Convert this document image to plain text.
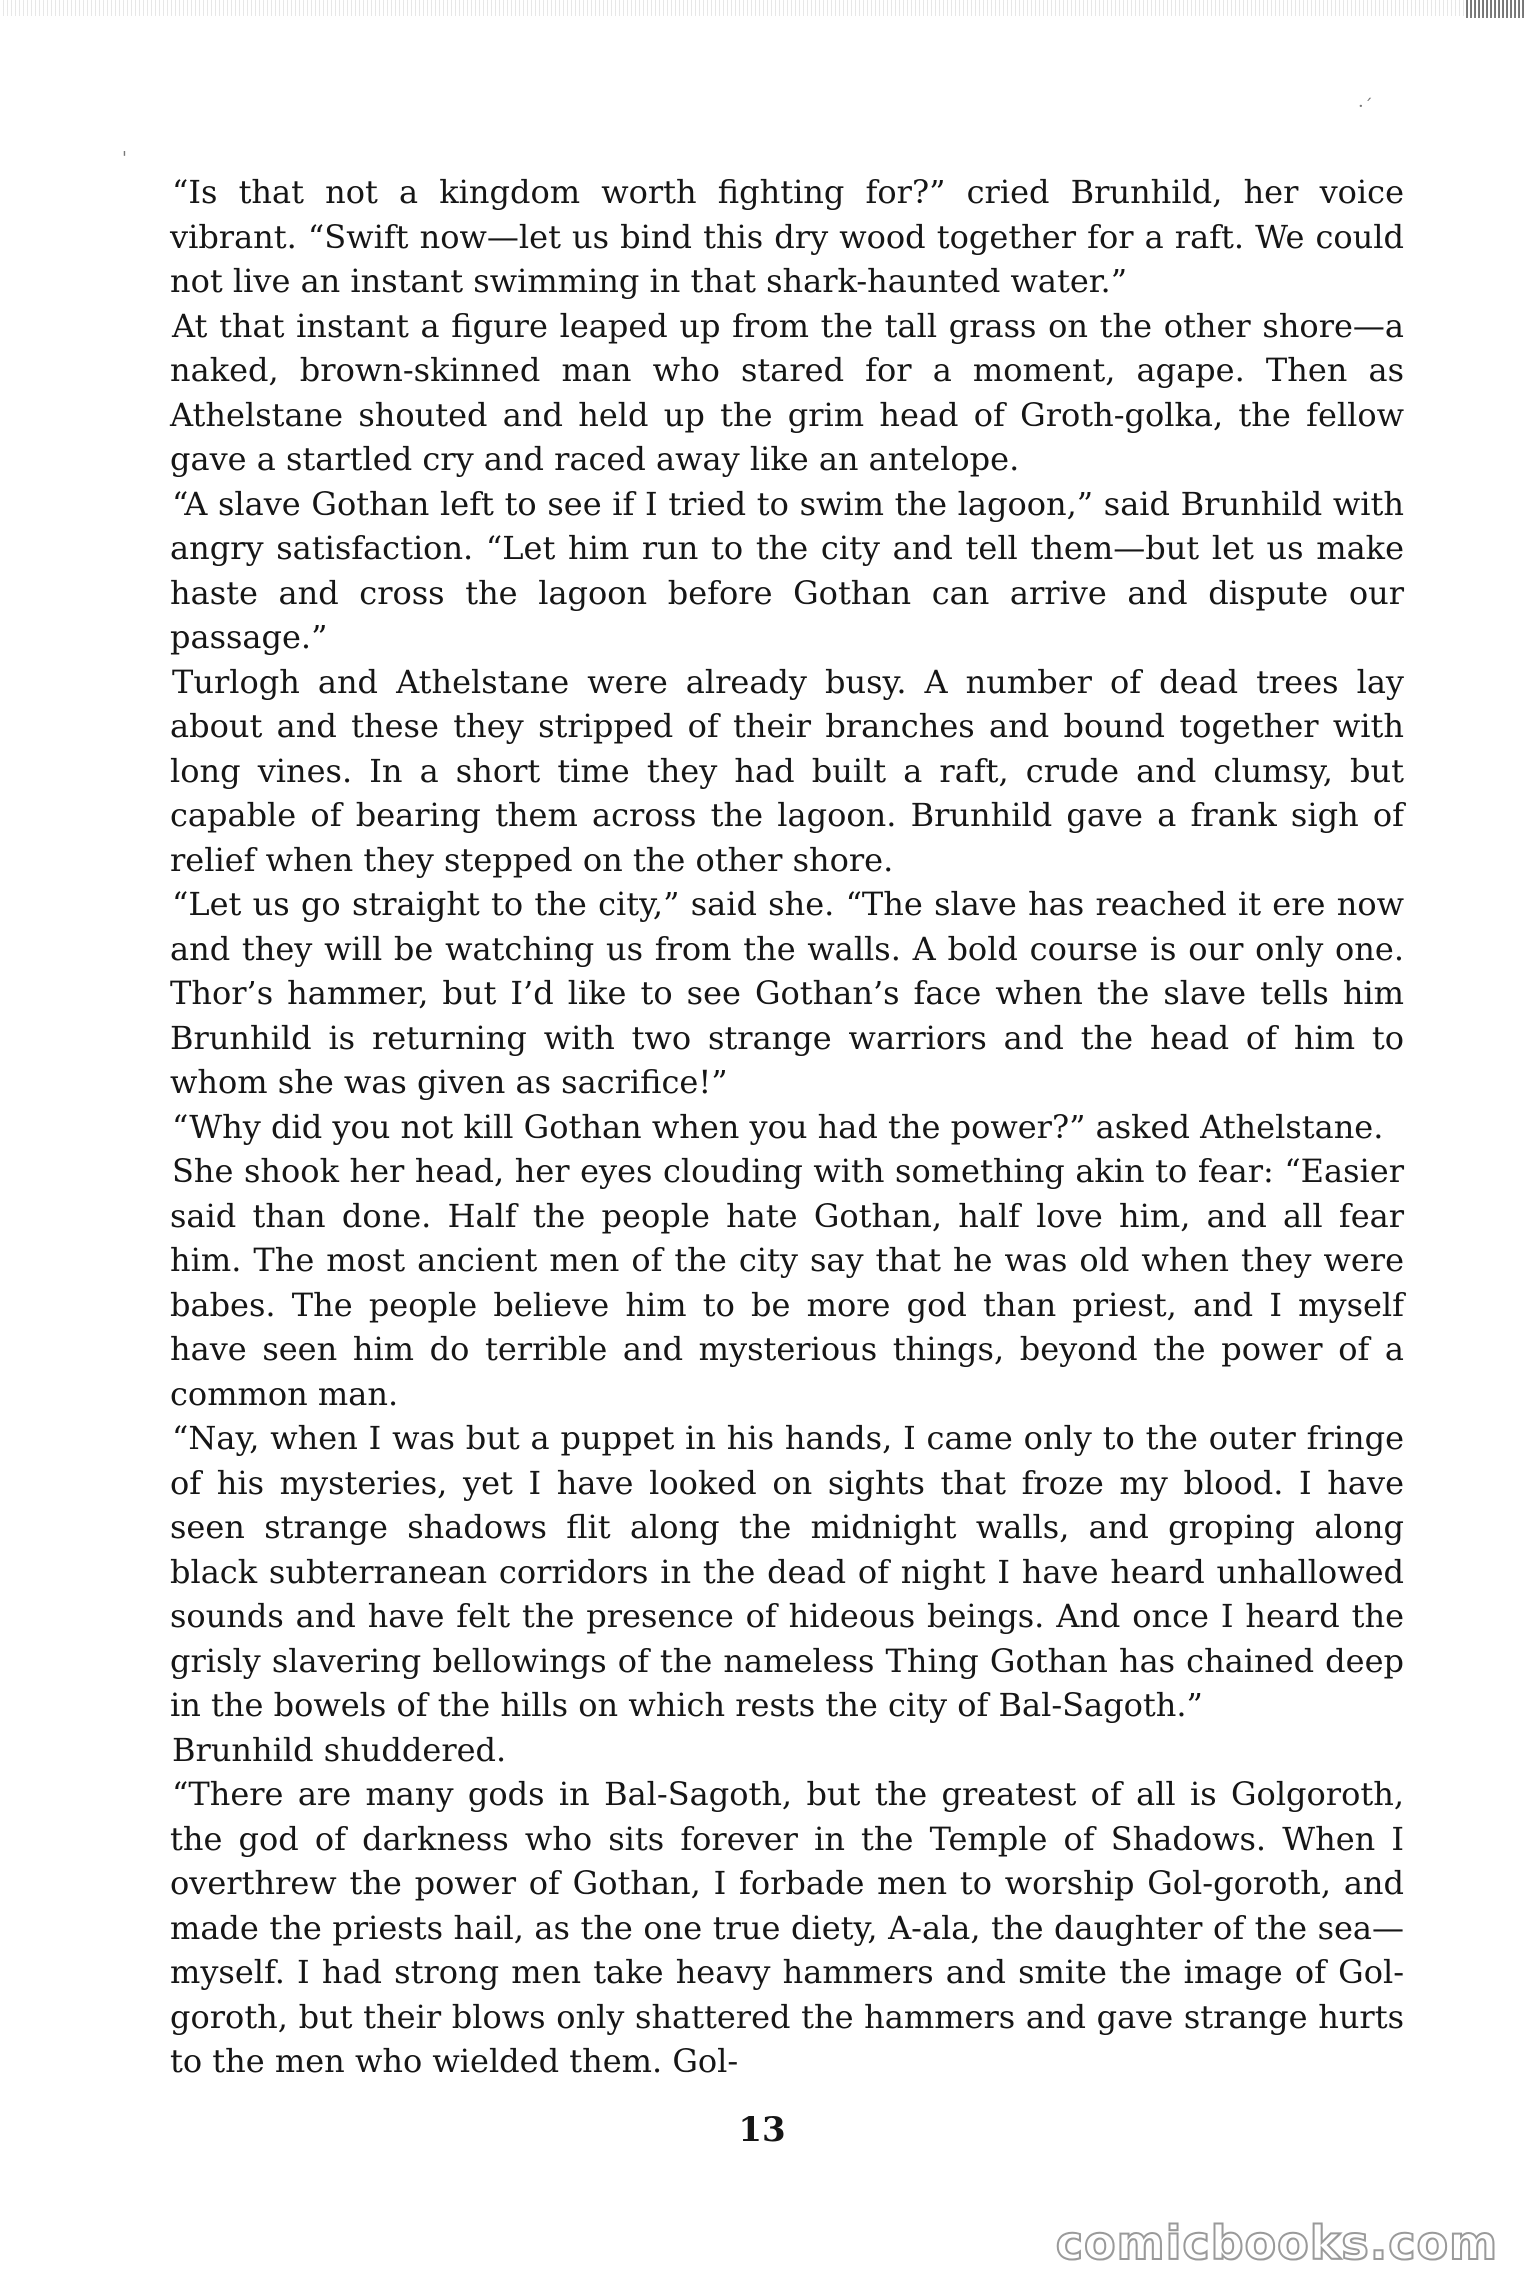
·´
'

“Is that not a kingdom worth fighting for?” cried Brunhild, her voice vibrant. “Swift now—let us bind this dry wood together for a raft. We could not live an instant swimming in that shark-haunted water.”

At that instant a figure leaped up from the tall grass on the other shore—a naked, brown-skinned man who stared for a moment, agape. Then as Athelstane shouted and held up the grim head of Groth-golka, the fellow gave a startled cry and raced away like an antelope.

“A slave Gothan left to see if I tried to swim the lagoon,” said Brunhild with angry satisfaction. “Let him run to the city and tell them—but let us make haste and cross the lagoon before Gothan can arrive and dispute our passage.”

Turlogh and Athelstane were already busy. A number of dead trees lay about and these they stripped of their branches and bound together with long vines. In a short time they had built a raft, crude and clumsy, but capable of bearing them across the lagoon. Brunhild gave a frank sigh of relief when they stepped on the other shore.

“Let us go straight to the city,” said she. “The slave has reached it ere now and they will be watching us from the walls. A bold course is our only one. Thor’s hammer, but I’d like to see Gothan’s face when the slave tells him Brunhild is returning with two strange warriors and the head of him to whom she was given as sacrifice!”

“Why did you not kill Gothan when you had the power?” asked Athelstane.

She shook her head, her eyes clouding with something akin to fear: “Easier said than done. Half the people hate Gothan, half love him, and all fear him. The most ancient men of the city say that he was old when they were babes. The people believe him to be more god than priest, and I myself have seen him do terrible and mysterious things, beyond the power of a common man.

“Nay, when I was but a puppet in his hands, I came only to the outer fringe of his mysteries, yet I have looked on sights that froze my blood. I have seen strange shadows flit along the midnight walls, and groping along black subterranean corridors in the dead of night I have heard unhallowed sounds and have felt the presence of hideous beings. And once I heard the grisly slavering bellowings of the nameless Thing Gothan has chained deep in the bowels of the hills on which rests the city of Bal-Sagoth.”

Brunhild shuddered.

“There are many gods in Bal-Sagoth, but the greatest of all is Golgoroth, the god of darkness who sits forever in the Temple of Shadows. When I overthrew the power of Gothan, I forbade men to worship Gol-goroth, and made the priests hail, as the one true diety, A-ala, the daughter of the sea—myself. I had strong men take heavy hammers and smite the image of Gol-goroth, but their blows only shattered the hammers and gave strange hurts to the men who wielded them. Gol-

13
comicbooks.com
